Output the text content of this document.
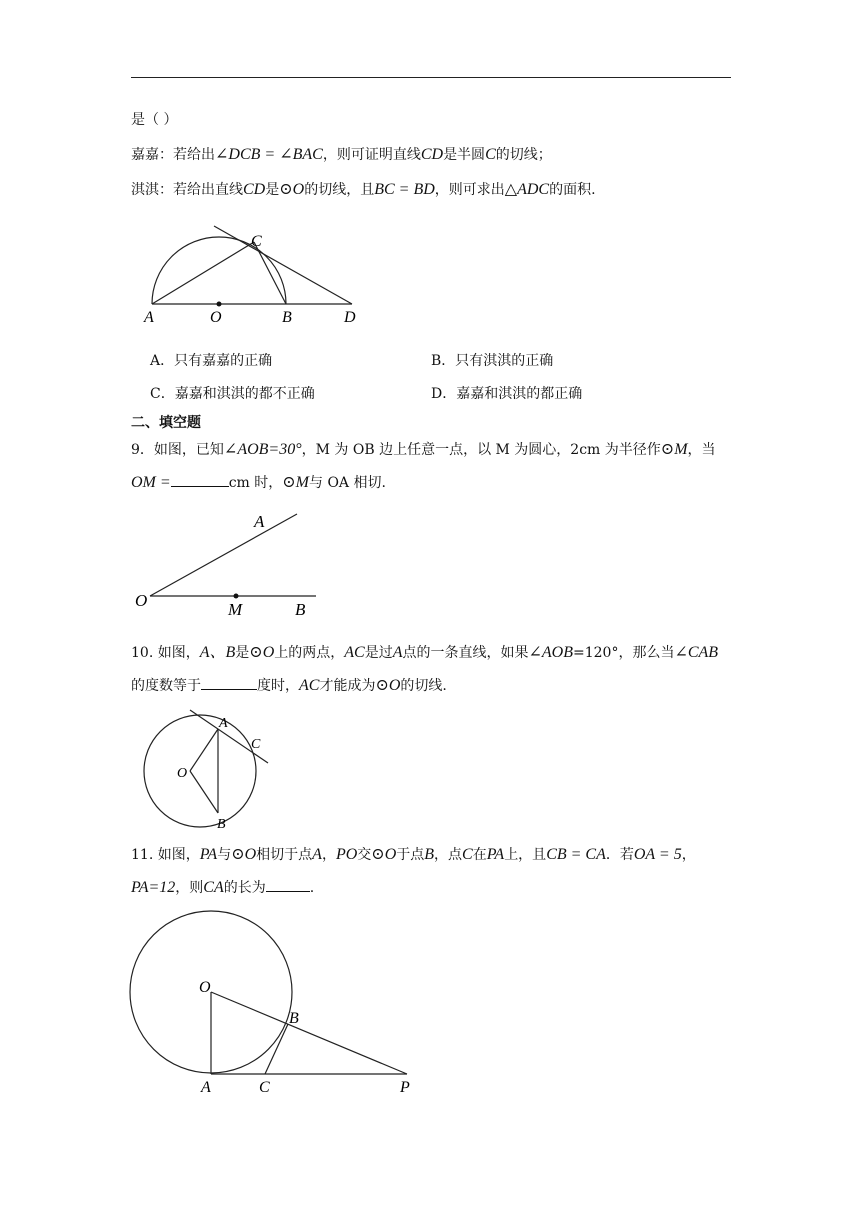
是（ ）
嘉嘉：若给出∠DCB = ∠BAC，则可证明直线CD是半圆C的切线；
淇淇：若给出直线CD是⊙O的切线，且BC = BD，则可求出△ADC的面积.
A	O	B	D
C
A．只有嘉嘉的正确	B．只有淇淇的正确
C．嘉嘉和淇淇的都不正确	D．嘉嘉和淇淇的都正确
二、填空题
9．如图，已知∠AOB=30°，M 为 OB 边上任意一点，以 M 为圆心，2cm 为半径作⊙M，当
OM =	cm 时，⊙M与 OA 相切.
A
O	M	B
10. 如图，A、B是⊙O上的两点，AC是过A点的一条直线，如果∠AOB=120°，那么当∠CAB
的度数等于	度时，AC才能成为⊙O的切线.
A
C
O
B
11. 如图，PA与⊙O相切于点A，PO交⊙O于点B，点C在PA上，且CB = CA．若OA = 5，
PA=12，则CA的长为	.
O
B
A	C	P
